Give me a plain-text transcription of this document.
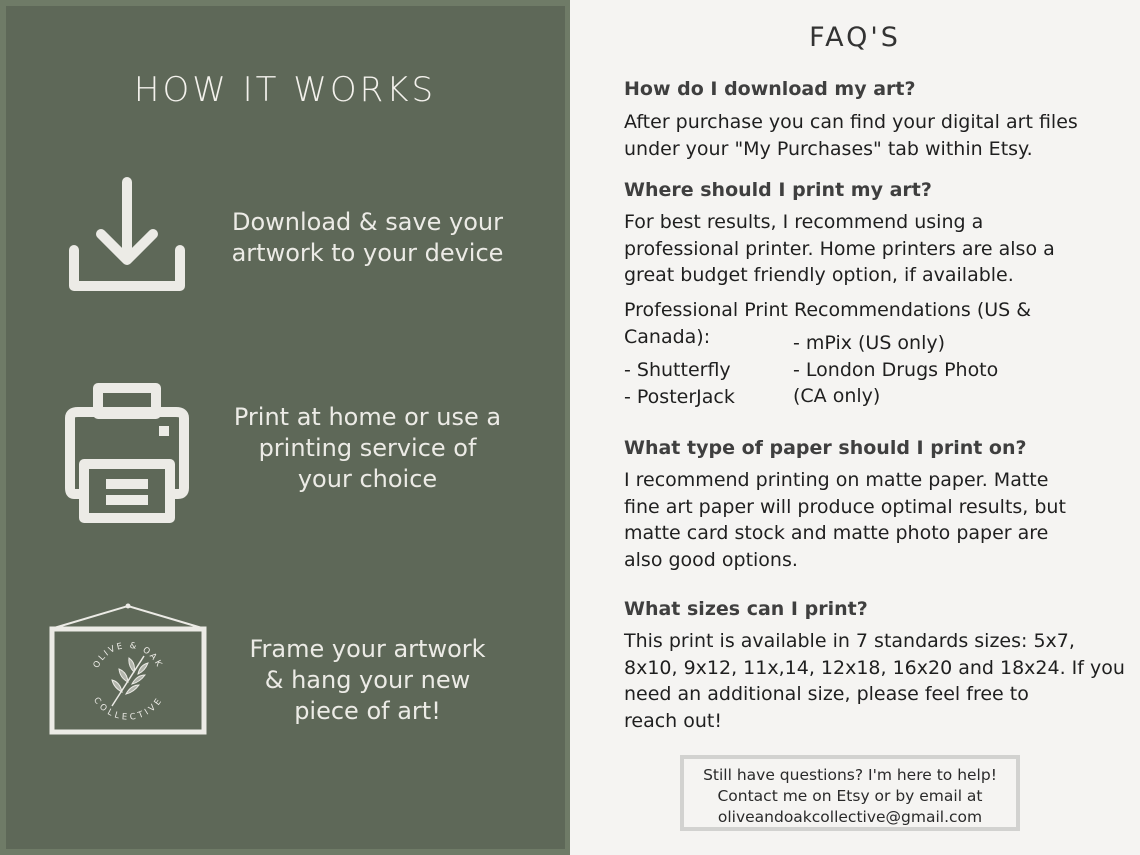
HOW IT WORKS
OLIVE & OAK
COLLECTIVE
Download & save your
artwork to your device
Print at home or use a
printing service of
your choice
Frame your artwork
& hang your new
piece of art!
FAQ'S
How do I download my art?
After purchase you can find your digital art files
under your "My Purchases" tab within Etsy.
Where should I print my art?
For best results, I recommend using a
professional printer. Home printers are also a
great budget friendly option, if available.
Professional Print Recommendations (US &
Canada):
- Shutterfly
- PosterJack
- mPix (US only)
- London Drugs Photo
(CA only)
What type of paper should I print on?
I recommend printing on matte paper. Matte
fine art paper will produce optimal results, but
matte card stock and matte photo paper are
also good options.
What sizes can I print?
This print is available in 7 standards sizes: 5x7,
8x10, 9x12, 11x,14, 12x18, 16x20 and 18x24. If you
need an additional size, please feel free to
reach out!
Still have questions? I'm here to help!
Contact me on Etsy or by email at
oliveandoakcollective@gmail.com
